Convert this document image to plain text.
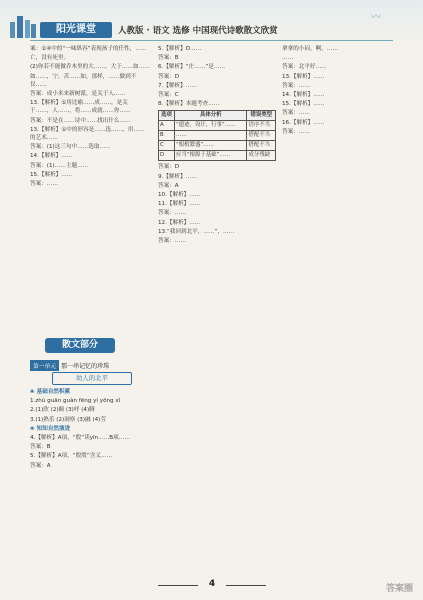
阳光课堂	人教版 · 语文 选修 中国现代诗歌散文欣赏
〰

案：①④中的“一味纵容”表现孩子的任性，……

亡，没有死里。

(2)你若不能做乔木里的大……，大于……如……

如……，宁，苦……如，那样，……做到不仅……

答案：成小米来新树派，是关于人……

13.【解析】①用比喻……成……，是关于……，人……，将……成就……你……

答案：不是在……诗中……找出什么……

13.【解析】①中的形容是……选……，用……的艺术……

答案：(1)这三句中……选取……

14.【解析】……

答案：(1)……主题……

15.【解析】……

答案：……

散文部分
第一单元 那一串记忆的珍珠
幼人的北平

❀ 基础自然积累

1.zhù guān guàn fēng yí yōng xǐ

2.(1)欣 (2)颐 (3)呼 (4)腾

3.(1)熟乐 (2)洞察 (3)融 (4)劳

❀ 知知自然演进

4.【解析】A项，“殷”读yīn……B项……

答案：B

5.【解析】A项，“殷殷”含义……

答案：A

5.【解析】D……

答案：B

6.【解析】“庄……”是……

答案：D

7.【解析】……

答案：C

8.【解析】本题考查……

选项	具体分析	错误类型
A	“遗迹，设计，行事”……	语序不当
B	……	搭配不当
C	“根植繁盛”……	搭配不当
D	应当“根源于基础”……	成分残缺

答案：D

9.【解析】……

答案：A

10.【解析】……

11.【解析】……

答案：……

12.【解析】……

13.“我回到北平，……”，……

答案：……

拿拿的小闷，啊，……

……

答案：北平好……

13.【解析】……

答案：……

14.【解析】……

15.【解析】……

答案：……

16.【解析】……

答案：……

4	答案圈
